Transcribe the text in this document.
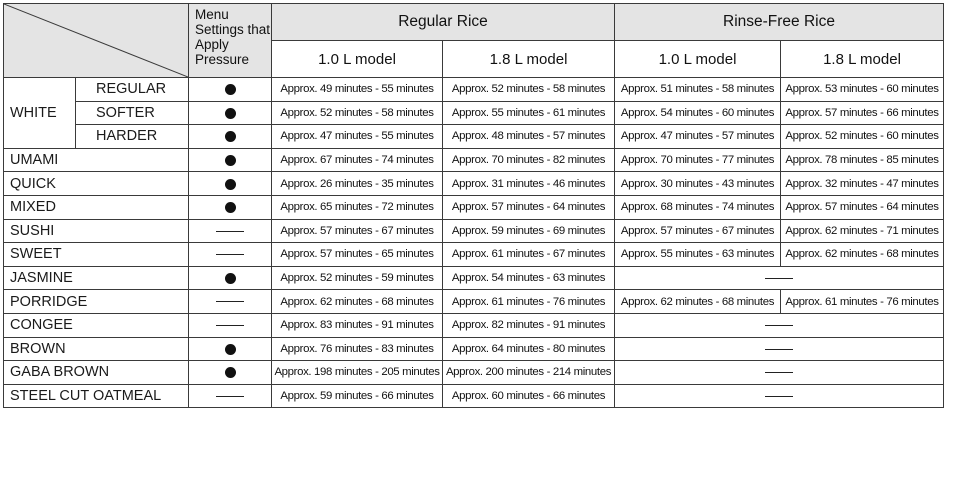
	Menu Settings that Apply Pressure	Regular Rice		Rinse-Free Rice	
			1.0 L model	1.8 L model	1.0 L model	1.8 L model
WHITE	REGULAR		Approx. 49 minutes - 55 minutes	Approx. 52 minutes - 58 minutes	Approx. 51 minutes - 58 minutes	Approx. 53 minutes - 60 minutes
	SOFTER		Approx. 52 minutes - 58 minutes	Approx. 55 minutes - 61 minutes	Approx. 54 minutes - 60 minutes	Approx. 57 minutes - 66 minutes
	HARDER		Approx. 47 minutes - 55 minutes	Approx. 48 minutes - 57 minutes	Approx. 47 minutes - 57 minutes	Approx. 52 minutes - 60 minutes
UMAMI			Approx. 67 minutes - 74 minutes	Approx. 70 minutes - 82 minutes	Approx. 70 minutes - 77 minutes	Approx. 78 minutes - 85 minutes
QUICK			Approx. 26 minutes - 35 minutes	Approx. 31 minutes - 46 minutes	Approx. 30 minutes - 43 minutes	Approx. 32 minutes - 47 minutes
MIXED			Approx. 65 minutes - 72 minutes	Approx. 57 minutes - 64 minutes	Approx. 68 minutes - 74 minutes	Approx. 57 minutes - 64 minutes
SUSHI			Approx. 57 minutes - 67 minutes	Approx. 59 minutes - 69 minutes	Approx. 57 minutes - 67 minutes	Approx. 62 minutes - 71 minutes
SWEET			Approx. 57 minutes - 65 minutes	Approx. 61 minutes - 67 minutes	Approx. 55 minutes - 63 minutes	Approx. 62 minutes - 68 minutes
JASMINE			Approx. 52 minutes - 59 minutes	Approx. 54 minutes - 63 minutes		
PORRIDGE			Approx. 62 minutes - 68 minutes	Approx. 61 minutes - 76 minutes	Approx. 62 minutes - 68 minutes	Approx. 61 minutes - 76 minutes
CONGEE			Approx. 83 minutes - 91 minutes	Approx. 82 minutes - 91 minutes		
BROWN			Approx. 76 minutes - 83 minutes	Approx. 64 minutes - 80 minutes		
GABA BROWN			Approx. 198 minutes - 205 minutes	Approx. 200 minutes - 214 minutes		
STEEL CUT OATMEAL			Approx. 59 minutes - 66 minutes	Approx. 60 minutes - 66 minutes		
